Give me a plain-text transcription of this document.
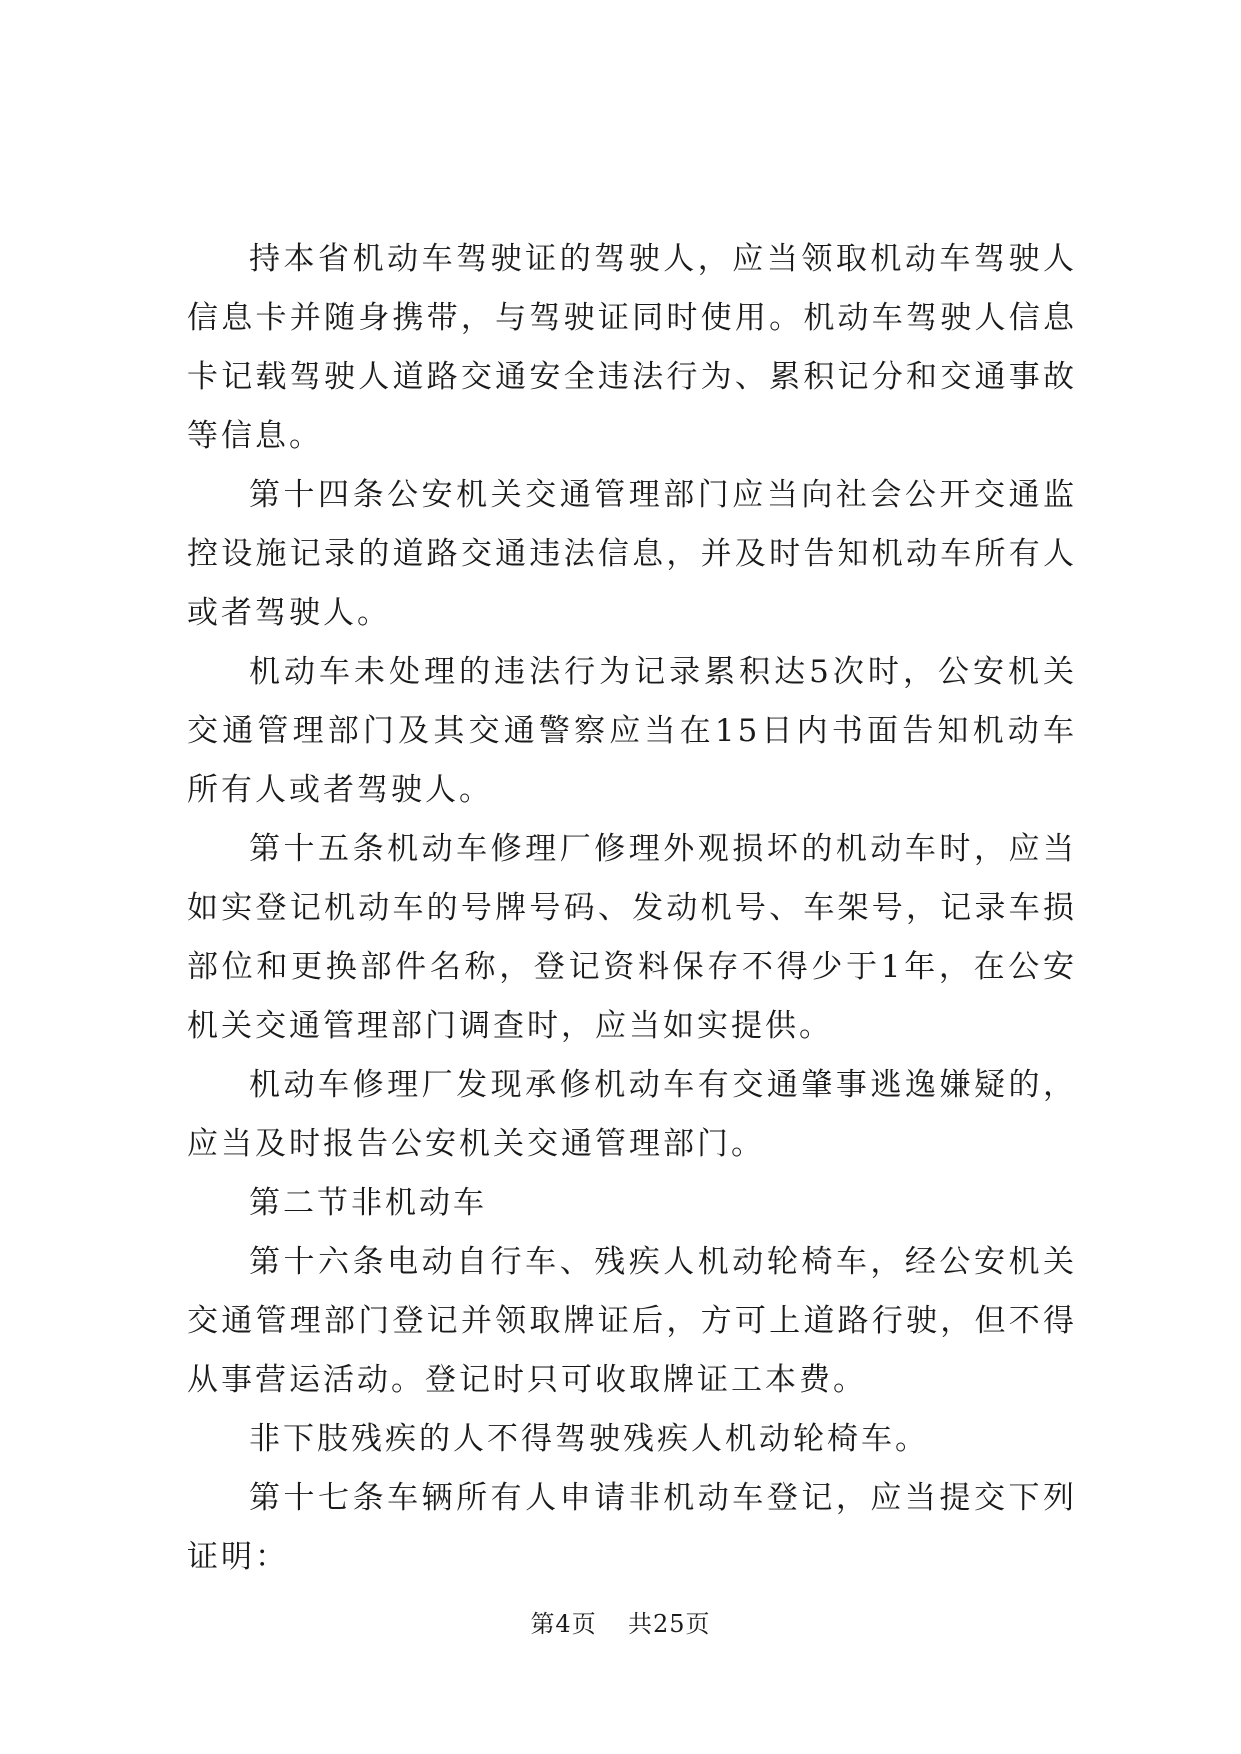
持本省机动车驾驶证的驾驶人，应当领取机动车驾驶人信息卡并随身携带，与驾驶证同时使用。机动车驾驶人信息卡记载驾驶人道路交通安全违法行为、累积记分和交通事故等信息。

第十四条公安机关交通管理部门应当向社会公开交通监控设施记录的道路交通违法信息，并及时告知机动车所有人或者驾驶人。

机动车未处理的违法行为记录累积达5次时，公安机关交通管理部门及其交通警察应当在15日内书面告知机动车所有人或者驾驶人。

第十五条机动车修理厂修理外观损坏的机动车时，应当如实登记机动车的号牌号码、发动机号、车架号，记录车损部位和更换部件名称，登记资料保存不得少于1年，在公安机关交通管理部门调查时，应当如实提供。

机动车修理厂发现承修机动车有交通肇事逃逸嫌疑的，应当及时报告公安机关交通管理部门。

第二节非机动车

第十六条电动自行车、残疾人机动轮椅车，经公安机关交通管理部门登记并领取牌证后，方可上道路行驶，但不得从事营运活动。登记时只可收取牌证工本费。

非下肢残疾的人不得驾驶残疾人机动轮椅车。

第十七条车辆所有人申请非机动车登记，应当提交下列证明：

第4页 共25页
